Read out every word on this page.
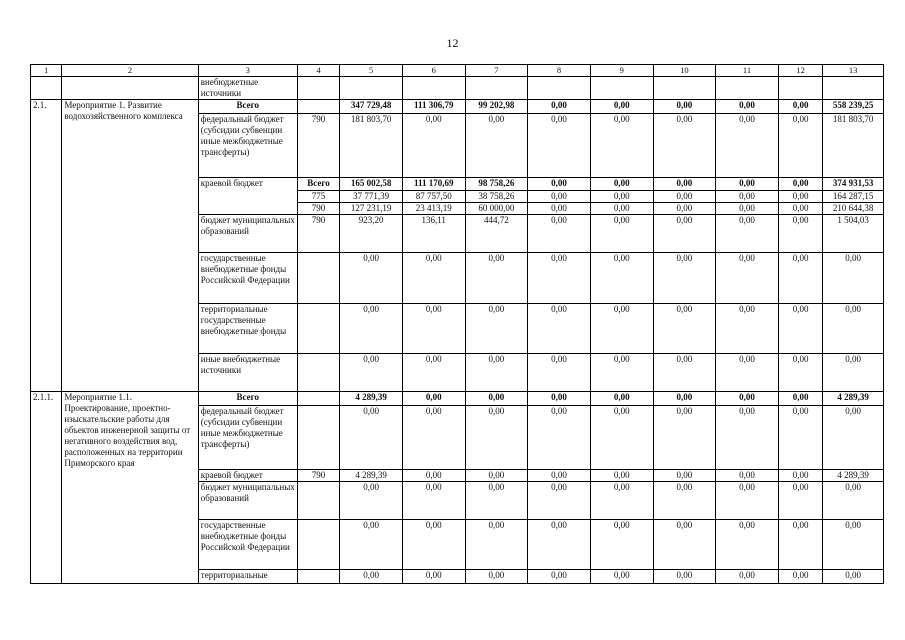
12
1	2	3	4	5	6	7	8	9	10	11	12	13
		внебюджетные источники										
2.1.	Мероприятие 1. Развитие водохозяйственного комплекса	Всего		347 729,48	111 306,79	99 202,98	0,00	0,00	0,00	0,00	0,00	558 239,25
		федеральный бюджет (субсидии субвенции иные межбюджетные трансферты)	790	181 803,70	0,00	0,00	0,00	0,00	0,00	0,00	0,00	181 803,70
		краевой бюджет	Всего	165 002,58	111 170,69	98 758,26	0,00	0,00	0,00	0,00	0,00	374 931,53
			775	37 771,39	87 757,50	38 758,26	0,00	0,00	0,00	0,00	0,00	164 287,15
			790	127 231,19	23 413,19	60 000,00	0,00	0,00	0,00	0,00	0,00	210 644,38
		бюджет муниципальных образований	790	923,20	136,11	444,72	0,00	0,00	0,00	0,00	0,00	1 504,03
		государственные внебюджетные фонды Российской Федерации		0,00	0,00	0,00	0,00	0,00	0,00	0,00	0,00	0,00
		территориальные государственные внебюджетные фонды		0,00	0,00	0,00	0,00	0,00	0,00	0,00	0,00	0,00
		иные внебюджетные источники		0,00	0,00	0,00	0,00	0,00	0,00	0,00	0,00	0,00
2.1.1.	Мероприятие 1.1. Проектирование, проектно-изыскательские работы для объектов инженерной защиты от негативного воздействия вод, расположенных на территории Приморского края	Всего		4 289,39	0,00	0,00	0,00	0,00	0,00	0,00	0,00	4 289,39
		федеральный бюджет (субсидии субвенции иные межбюджетные трансферты)		0,00	0,00	0,00	0,00	0,00	0,00	0,00	0,00	0,00
		краевой бюджет	790	4 289,39	0,00	0,00	0,00	0,00	0,00	0,00	0,00	4 289,39
		бюджет муниципальных образований		0,00	0,00	0,00	0,00	0,00	0,00	0,00	0,00	0,00
		государственные внебюджетные фонды Российской Федерации		0,00	0,00	0,00	0,00	0,00	0,00	0,00	0,00	0,00
		территориальные		0,00	0,00	0,00	0,00	0,00	0,00	0,00	0,00	0,00
